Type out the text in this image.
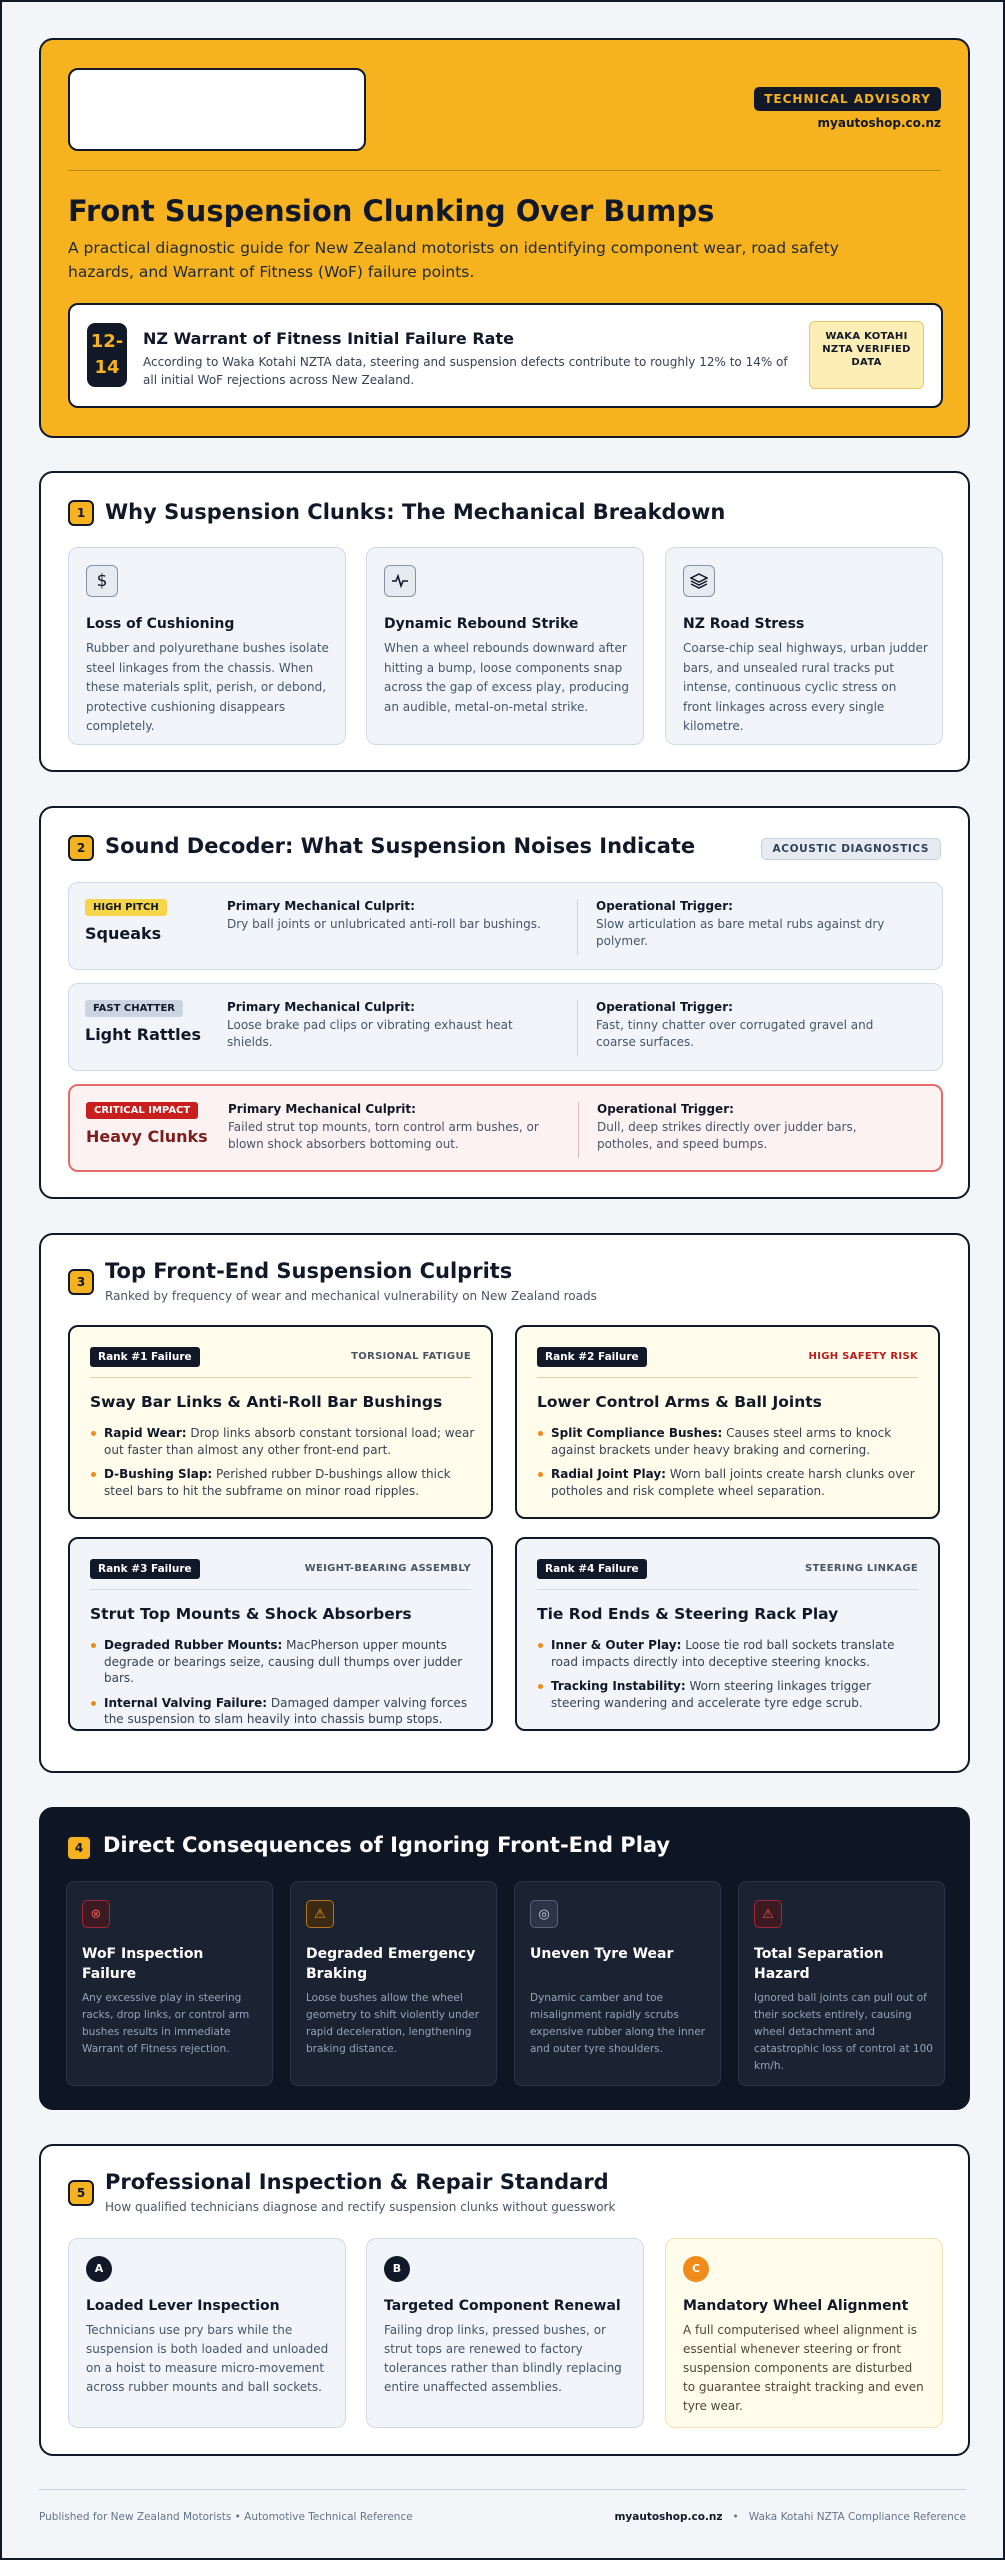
TECHNICAL ADVISORY
myautoshop.co.nz
Front Suspension Clunking Over Bumps

A practical diagnostic guide for New Zealand motorists on identifying component wear, road safety hazards, and Warrant of Fitness (WoF) failure points.

12-
14
NZ Warrant of Fitness Initial Failure Rate
According to Waka Kotahi NZTA data, steering and suspension defects contribute to roughly 12% to 14% of all initial WoF rejections across New Zealand.
WAKA KOTAHI NZTA VERIFIED DATA
1 Why Suspension Clunks: The Mechanical Breakdown
$
Loss of Cushioning
Rubber and polyurethane bushes isolate steel linkages from the chassis. When these materials split, perish, or debond, protective cushioning disappears completely.
Dynamic Rebound Strike
When a wheel rebounds downward after hitting a bump, loose components snap across the gap of excess play, producing an audible, metal-on-metal strike.
NZ Road Stress
Coarse-chip seal highways, urban judder bars, and unsealed rural tracks put intense, continuous cyclic stress on front linkages across every single kilometre.
2 Sound Decoder: What Suspension Noises Indicate	ACOUSTIC DIAGNOSTICS
HIGH PITCH
Squeaks
Primary Mechanical Culprit:
Dry ball joints or unlubricated anti-roll bar bushings.
Operational Trigger:
Slow articulation as bare metal rubs against dry polymer.
FAST CHATTER
Light Rattles
Primary Mechanical Culprit:
Loose brake pad clips or vibrating exhaust heat shields.
Operational Trigger:
Fast, tinny chatter over corrugated gravel and coarse surfaces.
CRITICAL IMPACT
Heavy Clunks
Primary Mechanical Culprit:
Failed strut top mounts, torn control arm bushes, or blown shock absorbers bottoming out.
Operational Trigger:
Dull, deep strikes directly over judder bars, potholes, and speed bumps.
3 Top Front-End Suspension Culprits
Ranked by frequency of wear and mechanical vulnerability on New Zealand roads
Rank #1 Failure	TORSIONAL FATIGUE
Sway Bar Links & Anti-Roll Bar Bushings
Rapid Wear: Drop links absorb constant torsional load; wear out faster than almost any other front-end part.
D-Bushing Slap: Perished rubber D-bushings allow thick steel bars to hit the subframe on minor road ripples.
Rank #2 Failure	HIGH SAFETY RISK
Lower Control Arms & Ball Joints
Split Compliance Bushes: Causes steel arms to knock against brackets under heavy braking and cornering.
Radial Joint Play: Worn ball joints create harsh clunks over potholes and risk complete wheel separation.
Rank #3 Failure	WEIGHT-BEARING ASSEMBLY
Strut Top Mounts & Shock Absorbers
Degraded Rubber Mounts: MacPherson upper mounts degrade or bearings seize, causing dull thumps over judder bars.
Internal Valving Failure: Damaged damper valving forces the suspension to slam heavily into chassis bump stops.
Rank #4 Failure	STEERING LINKAGE
Tie Rod Ends & Steering Rack Play
Inner & Outer Play: Loose tie rod ball sockets translate road impacts directly into deceptive steering knocks.
Tracking Instability: Worn steering linkages trigger steering wandering and accelerate tyre edge scrub.
4 Direct Consequences of Ignoring Front-End Play
⊗
WoF Inspection Failure
Any excessive play in steering racks, drop links, or control arm bushes results in immediate Warrant of Fitness rejection.
⚠
Degraded Emergency Braking
Loose bushes allow the wheel geometry to shift violently under rapid deceleration, lengthening braking distance.
◎
Uneven Tyre Wear
Dynamic camber and toe misalignment rapidly scrubs expensive rubber along the inner and outer tyre shoulders.
⚠
Total Separation Hazard
Ignored ball joints can pull out of their sockets entirely, causing wheel detachment and catastrophic loss of control at 100 km/h.
5 Professional Inspection & Repair Standard
How qualified technicians diagnose and rectify suspension clunks without guesswork
A
Loaded Lever Inspection
Technicians use pry bars while the suspension is both loaded and unloaded on a hoist to measure micro-movement across rubber mounts and ball sockets.
B
Targeted Component Renewal
Failing drop links, pressed bushes, or strut tops are renewed to factory tolerances rather than blindly replacing entire unaffected assemblies.
C
Mandatory Wheel Alignment
A full computerised wheel alignment is essential whenever steering or front suspension components are disturbed to guarantee straight tracking and even tyre wear.
Published for New Zealand Motorists • Automotive Technical Reference	myautoshop.co.nz • Waka Kotahi NZTA Compliance Reference
